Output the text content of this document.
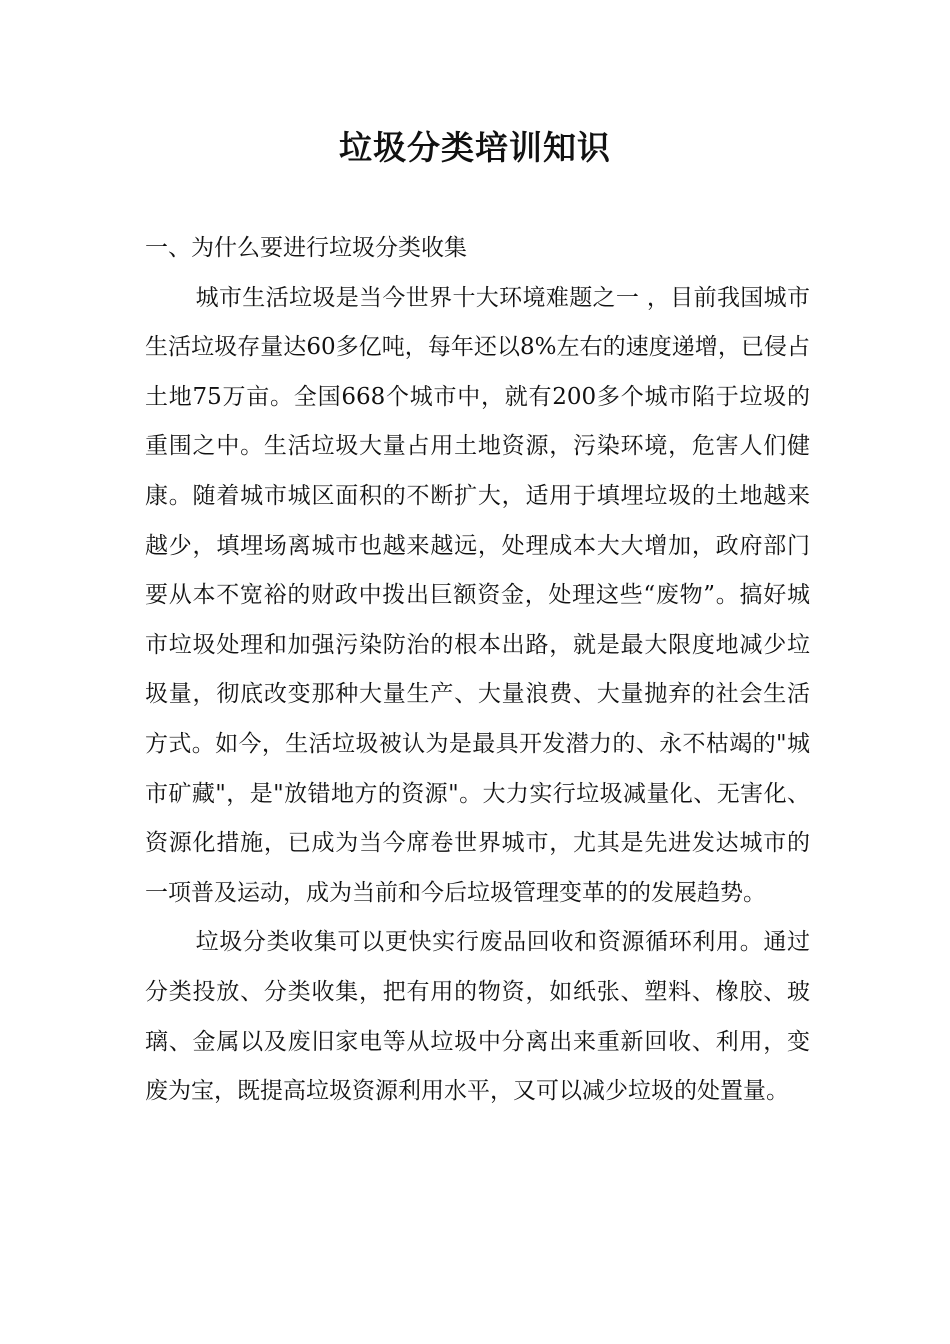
垃圾分类培训知识

一、为什么要进行垃圾分类收集

城市生活垃圾是当今世界十大环境难题之一 ，目前我国城市生活垃圾存量达60多亿吨，每年还以8%左右的速度递增，已侵占土地75万亩。全国668个城市中，就有200多个城市陷于垃圾的重围之中。生活垃圾大量占用土地资源，污染环境，危害人们健康。随着城市城区面积的不断扩大，适用于填埋垃圾的土地越来越少，填埋场离城市也越来越远，处理成本大大增加，政府部门要从本不宽裕的财政中拨出巨额资金，处理这些“废物”。搞好城市垃圾处理和加强污染防治的根本出路，就是最大限度地减少垃圾量，彻底改变那种大量生产、大量浪费、大量抛弃的社会生活方式。如今，生活垃圾被认为是最具开发潜力的、永不枯竭的"城市矿藏"，是"放错地方的资源"。大力实行垃圾减量化、无害化、资源化措施，已成为当今席卷世界城市，尤其是先进发达城市的一项普及运动，成为当前和今后垃圾管理变革的的发展趋势。

垃圾分类收集可以更快实行废品回收和资源循环利用。通过分类投放、分类收集，把有用的物资，如纸张、塑料、橡胶、玻璃、金属以及废旧家电等从垃圾中分离出来重新回收、利用，变废为宝，既提高垃圾资源利用水平，又可以减少垃圾的处置量。
